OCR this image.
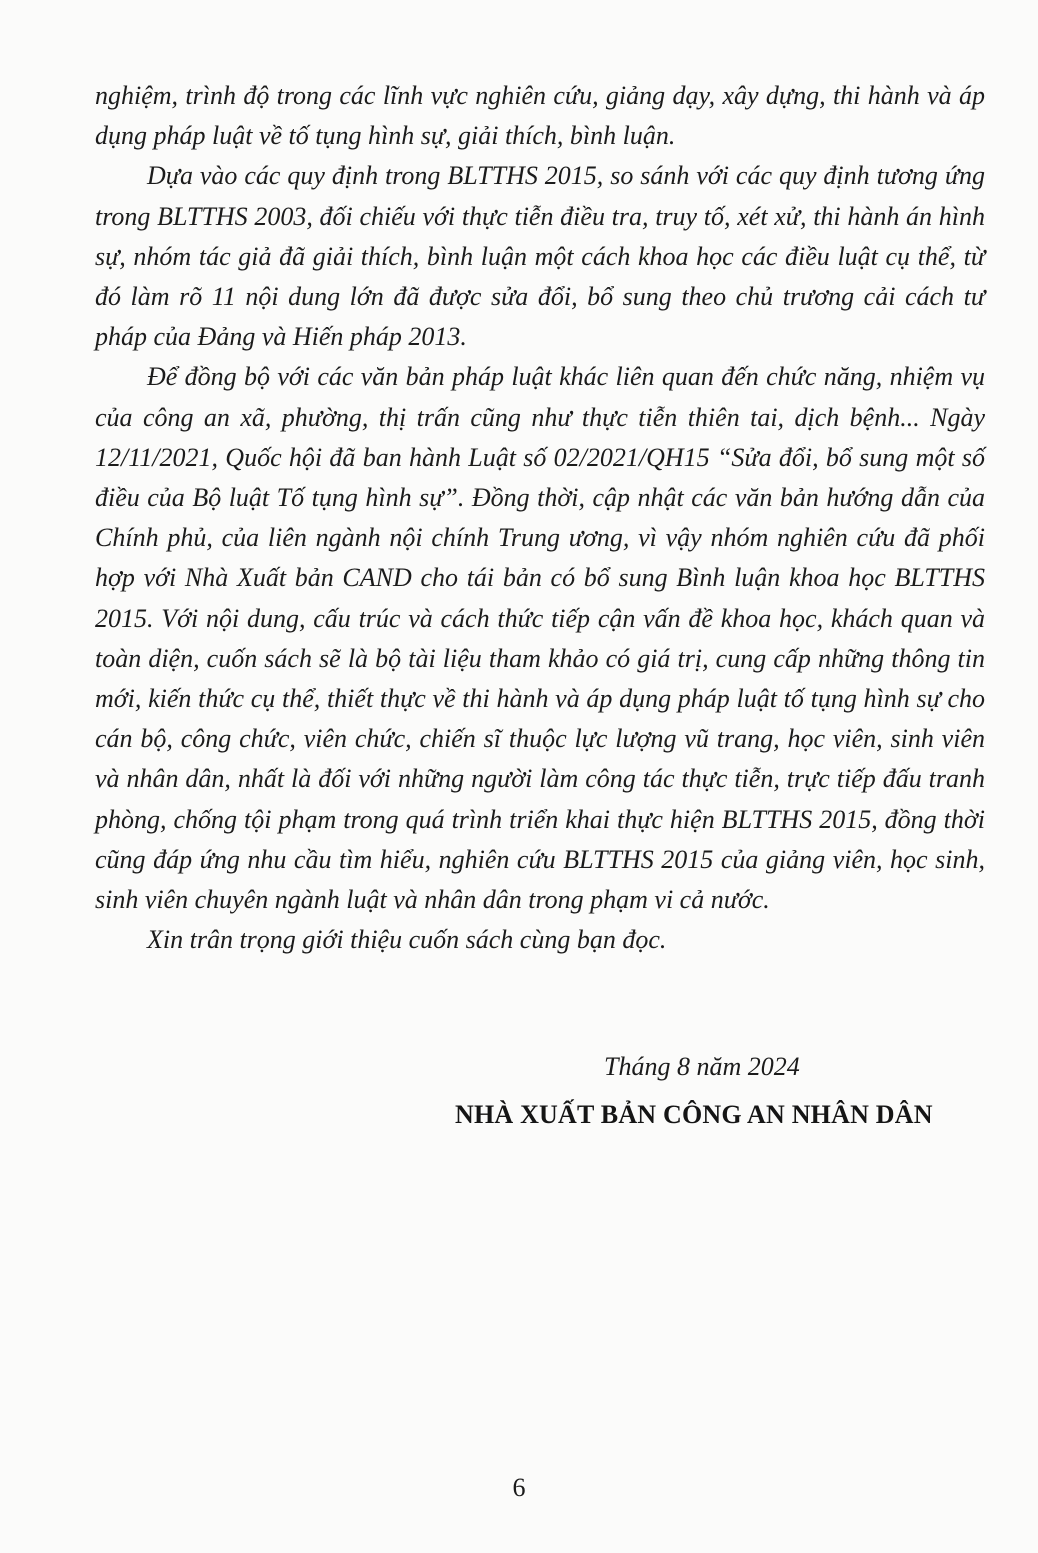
nghiệm, trình độ trong các lĩnh vực nghiên cứu, giảng dạy, xây dựng, thi hành và áp dụng pháp luật về tố tụng hình sự, giải thích, bình luận.

Dựa vào các quy định trong BLTTHS 2015, so sánh với các quy định tương ứng trong BLTTHS 2003, đối chiếu với thực tiễn điều tra, truy tố, xét xử, thi hành án hình sự, nhóm tác giả đã giải thích, bình luận một cách khoa học các điều luật cụ thể, từ đó làm rõ 11 nội dung lớn đã được sửa đổi, bổ sung theo chủ trương cải cách tư pháp của Đảng và Hiến pháp 2013.

Để đồng bộ với các văn bản pháp luật khác liên quan đến chức năng, nhiệm vụ của công an xã, phường, thị trấn cũng như thực tiễn thiên tai, dịch bệnh... Ngày 12/11/2021, Quốc hội đã ban hành Luật số 02/2021/QH15 “Sửa đổi, bổ sung một số điều của Bộ luật Tố tụng hình sự”. Đồng thời, cập nhật các văn bản hướng dẫn của Chính phủ, của liên ngành nội chính Trung ương, vì vậy nhóm nghiên cứu đã phối hợp với Nhà Xuất bản CAND cho tái bản có bổ sung Bình luận khoa học BLTTHS 2015. Với nội dung, cấu trúc và cách thức tiếp cận vấn đề khoa học, khách quan và toàn diện, cuốn sách sẽ là bộ tài liệu tham khảo có giá trị, cung cấp những thông tin mới, kiến thức cụ thể, thiết thực về thi hành và áp dụng pháp luật tố tụng hình sự cho cán bộ, công chức, viên chức, chiến sĩ thuộc lực lượng vũ trang, học viên, sinh viên và nhân dân, nhất là đối với những người làm công tác thực tiễn, trực tiếp đấu tranh phòng, chống tội phạm trong quá trình triển khai thực hiện BLTTHS 2015, đồng thời cũng đáp ứng nhu cầu tìm hiểu, nghiên cứu BLTTHS 2015 của giảng viên, học sinh, sinh viên chuyên ngành luật và nhân dân trong phạm vi cả nước.

Xin trân trọng giới thiệu cuốn sách cùng bạn đọc.

Tháng 8 năm 2024
NHÀ XUẤT BẢN CÔNG AN NHÂN DÂN
6
